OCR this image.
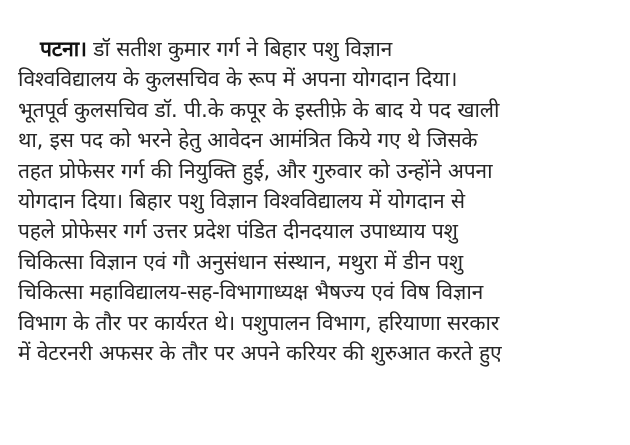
पटना। डॉ सतीश कुमार गर्ग ने बिहार पशु विज्ञान
विश्वविद्यालय के कुलसचिव के रूप में अपना योगदान दिया।
भूतपूर्व कुलसचिव डॉ. पी.के कपूर के इस्तीफ़े के बाद ये पद खाली
था, इस पद को भरने हेतु आवेदन आमंत्रित किये गए थे जिसके
तहत प्रोफेसर गर्ग की नियुक्ति हुई, और गुरुवार को उन्होंने अपना
योगदान दिया। बिहार पशु विज्ञान विश्वविद्यालय में योगदान से
पहले प्रोफेसर गर्ग उत्तर प्रदेश पंडित दीनदयाल उपाध्याय पशु
चिकित्सा विज्ञान एवं गौ अनुसंधान संस्थान, मथुरा में डीन पशु
चिकित्सा महाविद्यालय-सह-विभागाध्यक्ष भैषज्य एवं विष विज्ञान
विभाग के तौर पर कार्यरत थे। पशुपालन विभाग, हरियाणा सरकार
में वेटरनरी अफसर के तौर पर अपने करियर की शुरुआत करते हुए
